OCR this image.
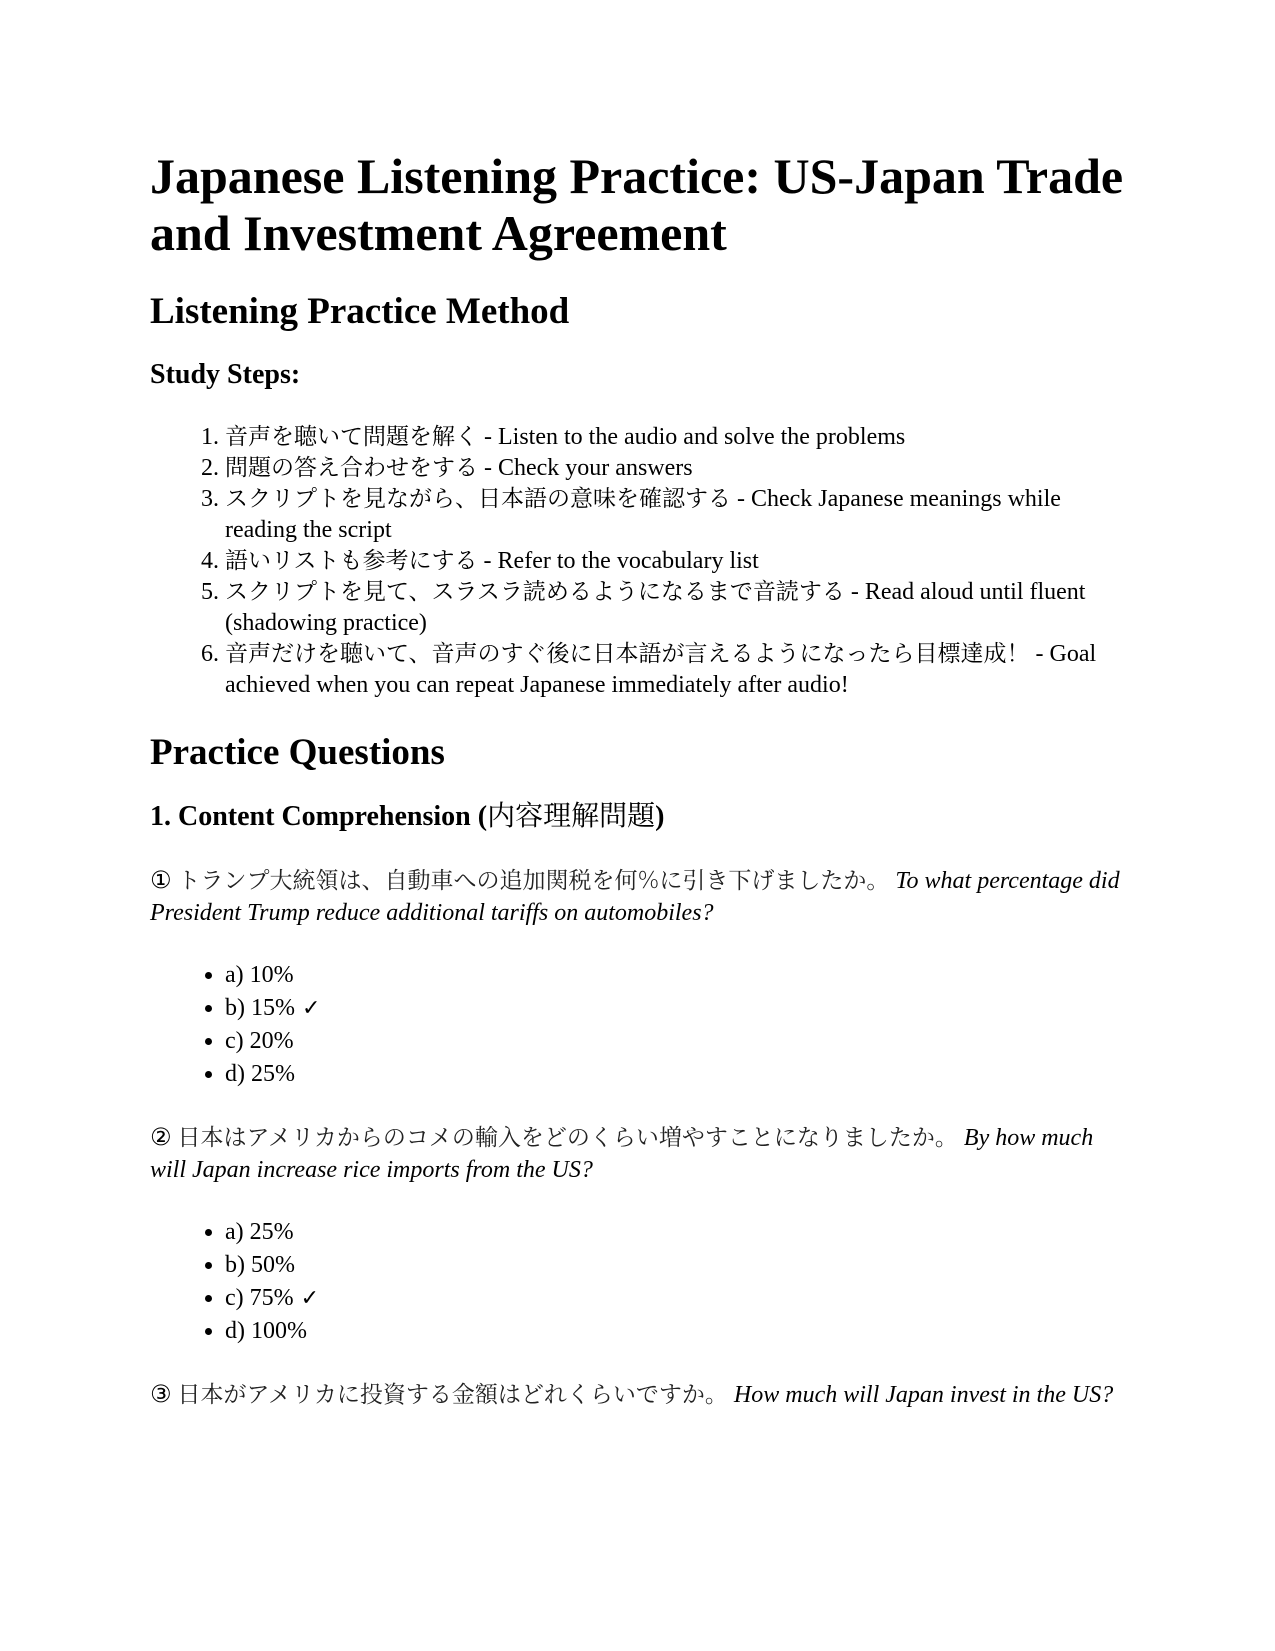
Japanese Listening Practice: US-Japan Trade and Investment Agreement
Listening Practice Method
Study Steps:
1. 音声を聴いて問題を解く - Listen to the audio and solve the problems
2. 問題の答え合わせをする - Check your answers
3. スクリプトを見ながら、日本語の意味を確認する - Check Japanese meanings while reading the script
4. 語いリストも参考にする - Refer to the vocabulary list
5. スクリプトを見て、スラスラ読めるようになるまで音読する - Read aloud until fluent (shadowing practice)
6. 音声だけを聴いて、音声のすぐ後に日本語が言えるようになったら目標達成！ - Goal achieved when you can repeat Japanese immediately after audio!
Practice Questions
1. Content Comprehension (内容理解問題)

① トランプ大統領は、自動車への追加関税を何%に引き下げましたか。 To what percentage did President Trump reduce additional tariffs on automobiles?

• a) 10%
• b) 15% ✓
• c) 20%
• d) 25%

② 日本はアメリカからのコメの輸入をどのくらい増やすことになりましたか。 By how much will Japan increase rice imports from the US?

• a) 25%
• b) 50%
• c) 75% ✓
• d) 100%

③ 日本がアメリカに投資する金額はどれくらいですか。 How much will Japan invest in the US?
